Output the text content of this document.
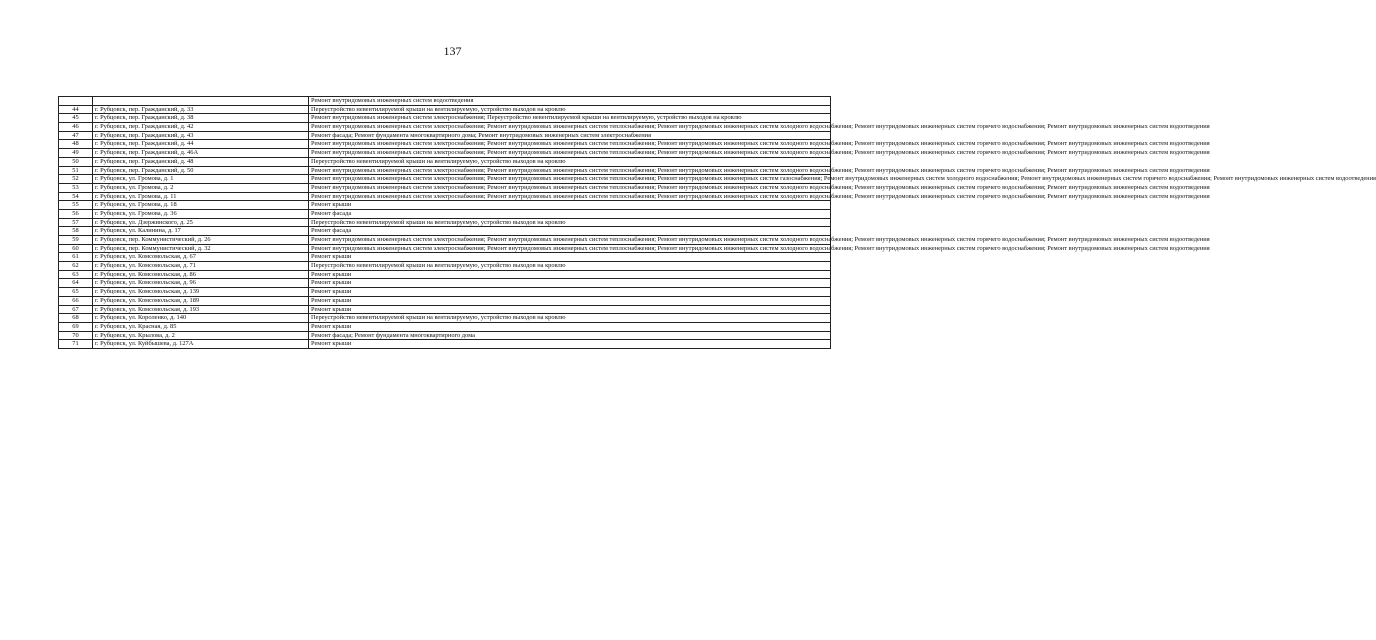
137
		Ремонт внутридомовых инженерных систем водоотведения
44	г. Рубцовск, пер. Гражданский, д. 33	Переустройство невентилируемой крыши на вентилируемую, устройство выходов на кровлю
45	г. Рубцовск, пер. Гражданский, д. 38	Ремонт внутридомовых инженерных систем электроснабжения; Переустройство невентилируемой крыши на вентилируемую, устройство выходов на кровлю
46	г. Рубцовск, пер. Гражданский, д. 42	Ремонт внутридомовых инженерных систем электроснабжения; Ремонт внутридомовых инженерных систем теплоснабжения; Ремонт внутридомовых инженерных систем холодного водоснабжения; Ремонт внутридомовых инженерных систем горячего водоснабжения; Ремонт внутридомовых инженерных систем водоотведения
47	г. Рубцовск, пер. Гражданский, д. 43	Ремонт фасада; Ремонт фундамента многоквартирного дома; Ремонт внутридомовых инженерных систем электроснабжения
48	г. Рубцовск, пер. Гражданский, д. 44	Ремонт внутридомовых инженерных систем электроснабжения; Ремонт внутридомовых инженерных систем теплоснабжения; Ремонт внутридомовых инженерных систем холодного водоснабжения; Ремонт внутридомовых инженерных систем горячего водоснабжения; Ремонт внутридомовых инженерных систем водоотведения
49	г. Рубцовск, пер. Гражданский, д. 46А	Ремонт внутридомовых инженерных систем электроснабжения; Ремонт внутридомовых инженерных систем теплоснабжения; Ремонт внутридомовых инженерных систем холодного водоснабжения; Ремонт внутридомовых инженерных систем горячего водоснабжения; Ремонт внутридомовых инженерных систем водоотведения
50	г. Рубцовск, пер. Гражданский, д. 48	Переустройство невентилируемой крыши на вентилируемую, устройство выходов на кровлю
51	г. Рубцовск, пер. Гражданский, д. 50	Ремонт внутридомовых инженерных систем электроснабжения; Ремонт внутридомовых инженерных систем теплоснабжения; Ремонт внутридомовых инженерных систем холодного водоснабжения; Ремонт внутридомовых инженерных систем горячего водоснабжения; Ремонт внутридомовых инженерных систем водоотведения
52	г. Рубцовск, ул. Громова, д. 1	Ремонт внутридомовых инженерных систем электроснабжения; Ремонт внутридомовых инженерных систем теплоснабжения; Ремонт внутридомовых инженерных систем газоснабжения; Ремонт внутридомовых инженерных систем холодного водоснабжения; Ремонт внутридомовых инженерных систем горячего водоснабжения; Ремонт внутридомовых инженерных систем водоотведения
53	г. Рубцовск, ул. Громова, д. 2	Ремонт внутридомовых инженерных систем электроснабжения; Ремонт внутридомовых инженерных систем теплоснабжения; Ремонт внутридомовых инженерных систем холодного водоснабжения; Ремонт внутридомовых инженерных систем горячего водоснабжения; Ремонт внутридомовых инженерных систем водоотведения
54	г. Рубцовск, ул. Громова, д. 11	Ремонт внутридомовых инженерных систем электроснабжения; Ремонт внутридомовых инженерных систем теплоснабжения; Ремонт внутридомовых инженерных систем холодного водоснабжения; Ремонт внутридомовых инженерных систем горячего водоснабжения; Ремонт внутридомовых инженерных систем водоотведения
55	г. Рубцовск, ул. Громова, д. 18	Ремонт крыши
56	г. Рубцовск, ул. Громова, д. 36	Ремонт фасада
57	г. Рубцовск, ул. Дзержинского, д. 25	Переустройство невентилируемой крыши на вентилируемую, устройство выходов на кровлю
58	г. Рубцовск, ул. Калинина, д. 17	Ремонт фасада
59	г. Рубцовск, пер. Коммунистический, д. 26	Ремонт внутридомовых инженерных систем электроснабжения; Ремонт внутридомовых инженерных систем теплоснабжения; Ремонт внутридомовых инженерных систем холодного водоснабжения; Ремонт внутридомовых инженерных систем горячего водоснабжения; Ремонт внутридомовых инженерных систем водоотведения
60	г. Рубцовск, пер. Коммунистический, д. 32	Ремонт внутридомовых инженерных систем электроснабжения; Ремонт внутридомовых инженерных систем теплоснабжения; Ремонт внутридомовых инженерных систем холодного водоснабжения; Ремонт внутридомовых инженерных систем горячего водоснабжения; Ремонт внутридомовых инженерных систем водоотведения
61	г. Рубцовск, ул. Комсомольская, д. 67	Ремонт крыши
62	г. Рубцовск, ул. Комсомольская, д. 71	Переустройство невентилируемой крыши на вентилируемую, устройство выходов на кровлю
63	г. Рубцовск, ул. Комсомольская, д. 86	Ремонт крыши
64	г. Рубцовск, ул. Комсомольская, д. 96	Ремонт крыши
65	г. Рубцовск, ул. Комсомольская, д. 139	Ремонт крыши
66	г. Рубцовск, ул. Комсомольская, д. 189	Ремонт крыши
67	г. Рубцовск, ул. Комсомольская, д. 193	Ремонт крыши
68	г. Рубцовск, ул. Короленко, д. 140	Переустройство невентилируемой крыши на вентилируемую, устройство выходов на кровлю
69	г. Рубцовск, ул. Красная, д. 85	Ремонт крыши
70	г. Рубцовск, ул. Крылова, д. 2	Ремонт фасада; Ремонт фундамента многоквартирного дома
71	г. Рубцовск, ул. Куйбышева, д. 127А	Ремонт крыши
